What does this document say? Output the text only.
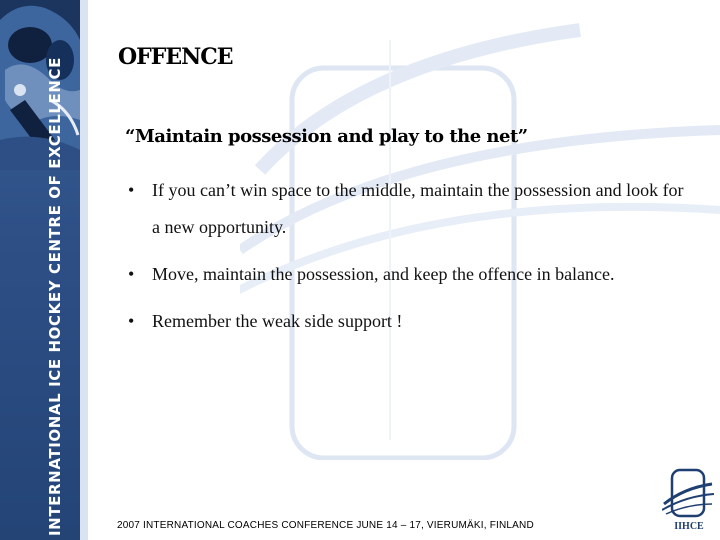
INTERNATIONAL ICE HOCKEY CENTRE OF EXCELLENCE
OFFENCE
“Maintain possession and play to the net”
• If you can’t win space to the middle, maintain the possession and look for a new opportunity.
• Move, maintain the possession, and keep the offence in balance.
• Remember the weak side support !
2007 INTERNATIONAL COACHES CONFERENCE JUNE 14 – 17, VIERUMÄKI, FINLAND	IIHCE
